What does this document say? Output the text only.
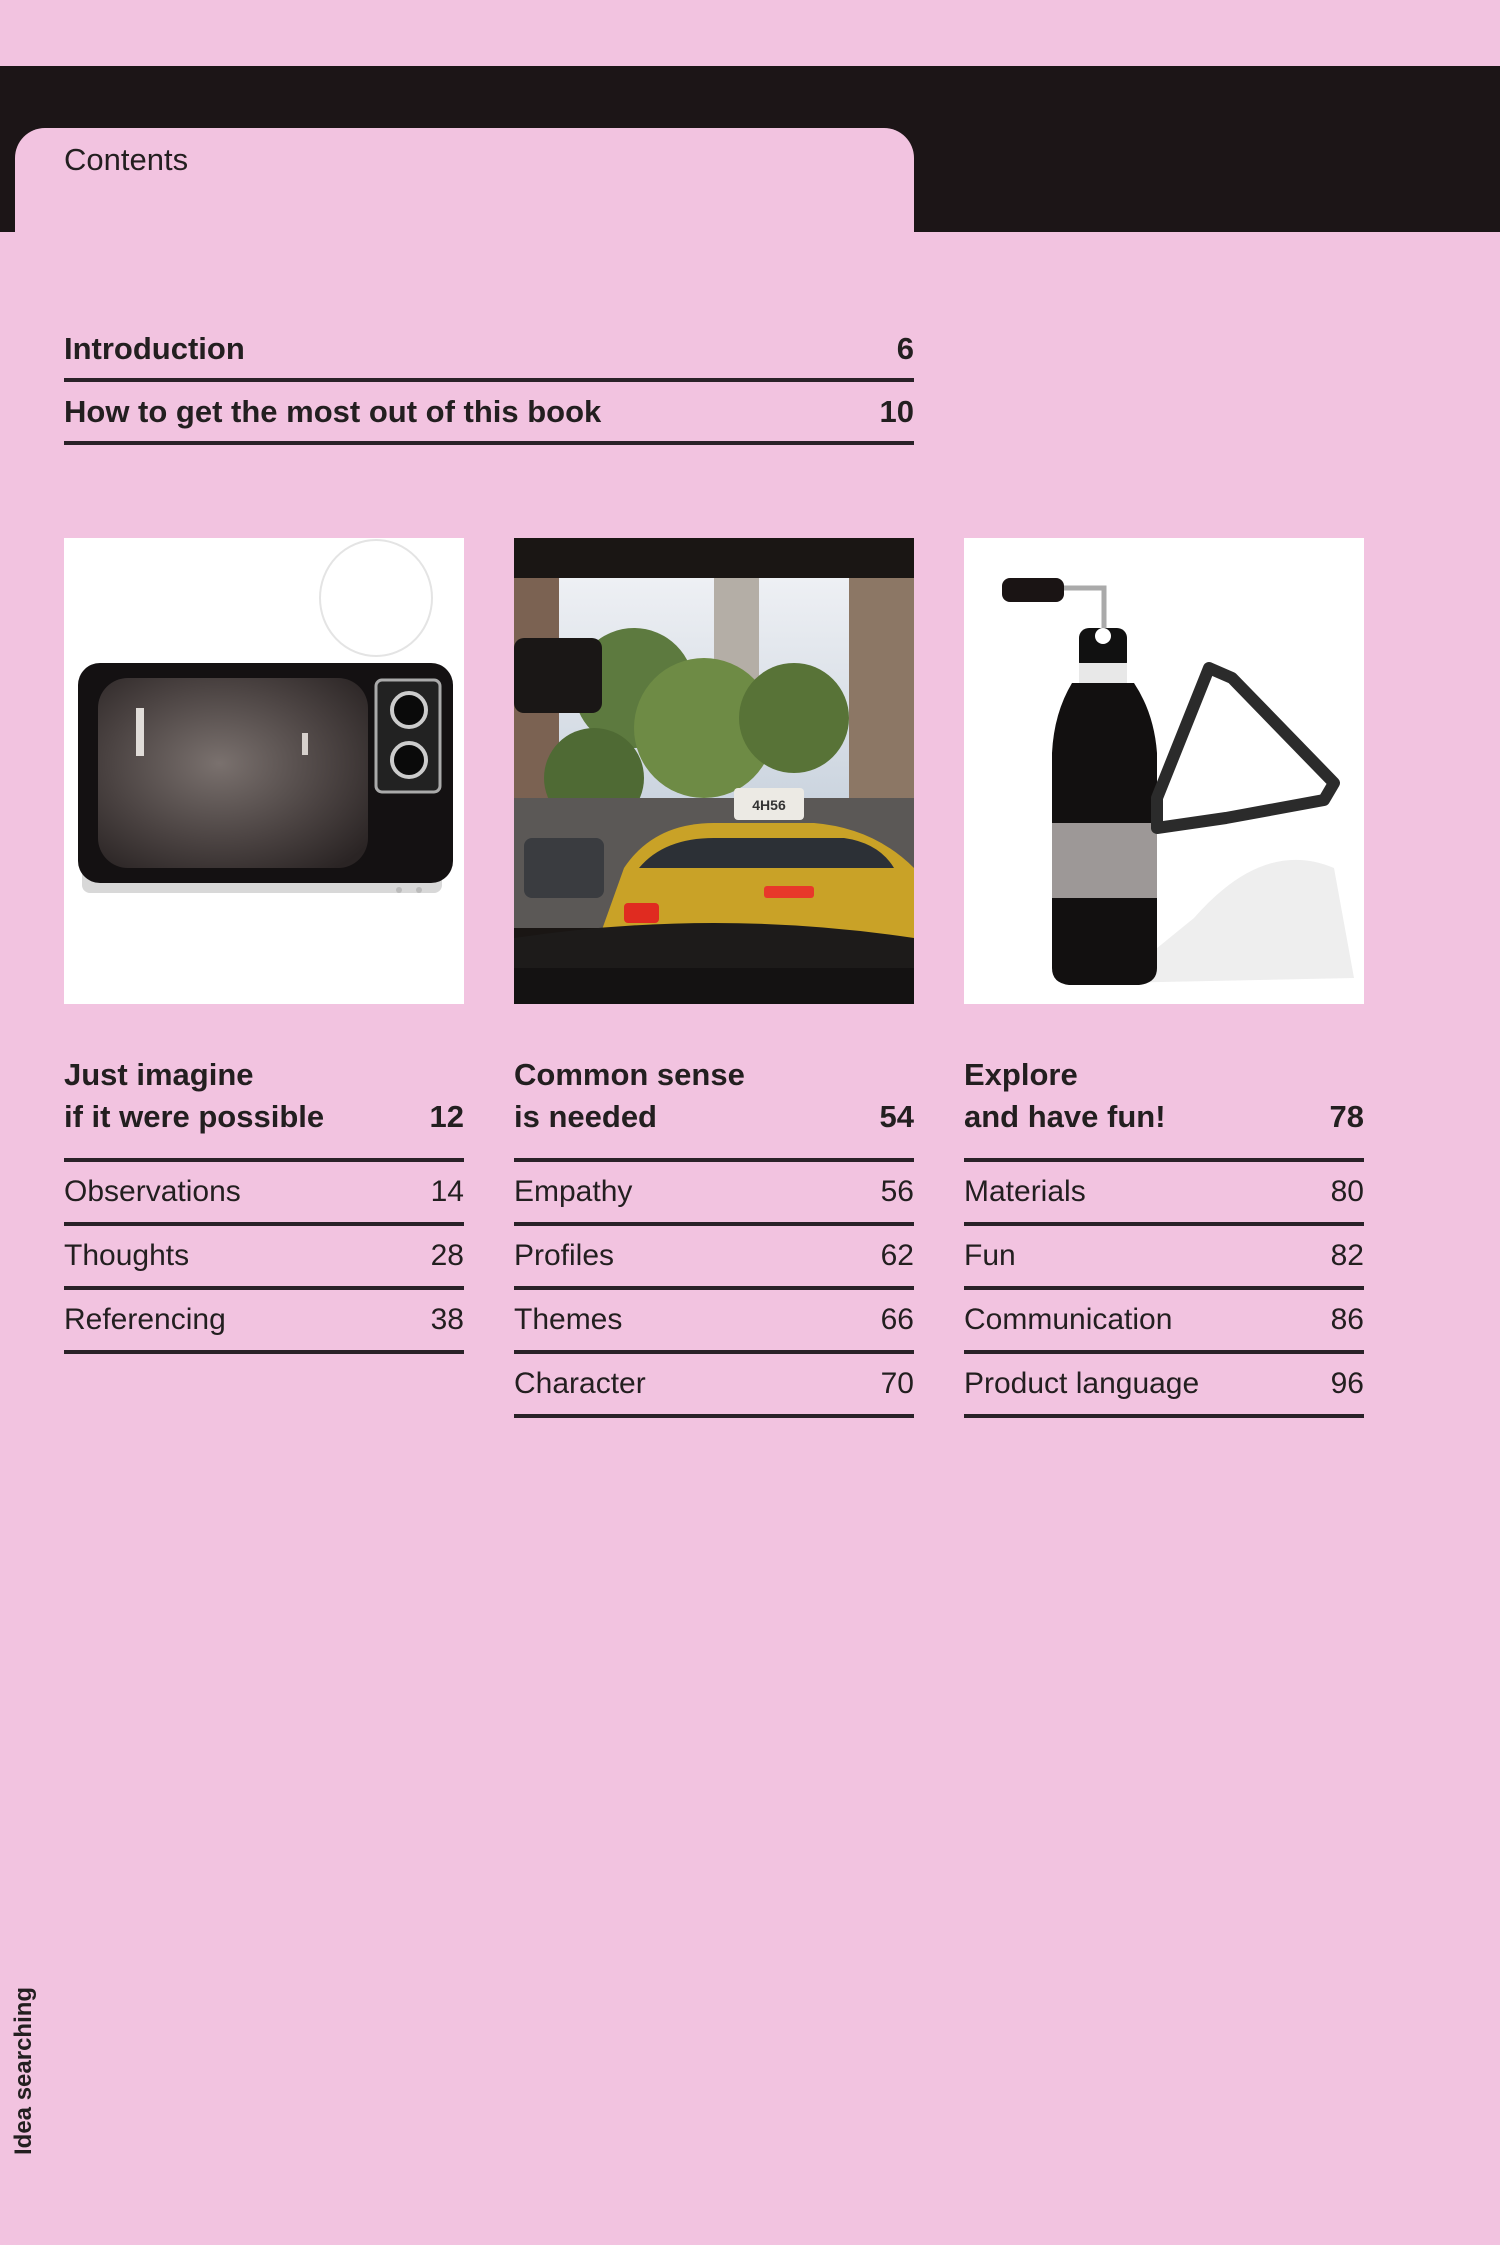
Contents
Introduction	6
How to get the most out of this book	10
4H56
Just imagine
if it were possible	12
Observations	14
Thoughts	28
Referencing	38
Common sense
is needed	54
Empathy	56
Profiles	62
Themes	66
Character	70
Explore
and have fun!	78
Materials	80
Fun	82
Communication	86
Product language	96
Idea searching
